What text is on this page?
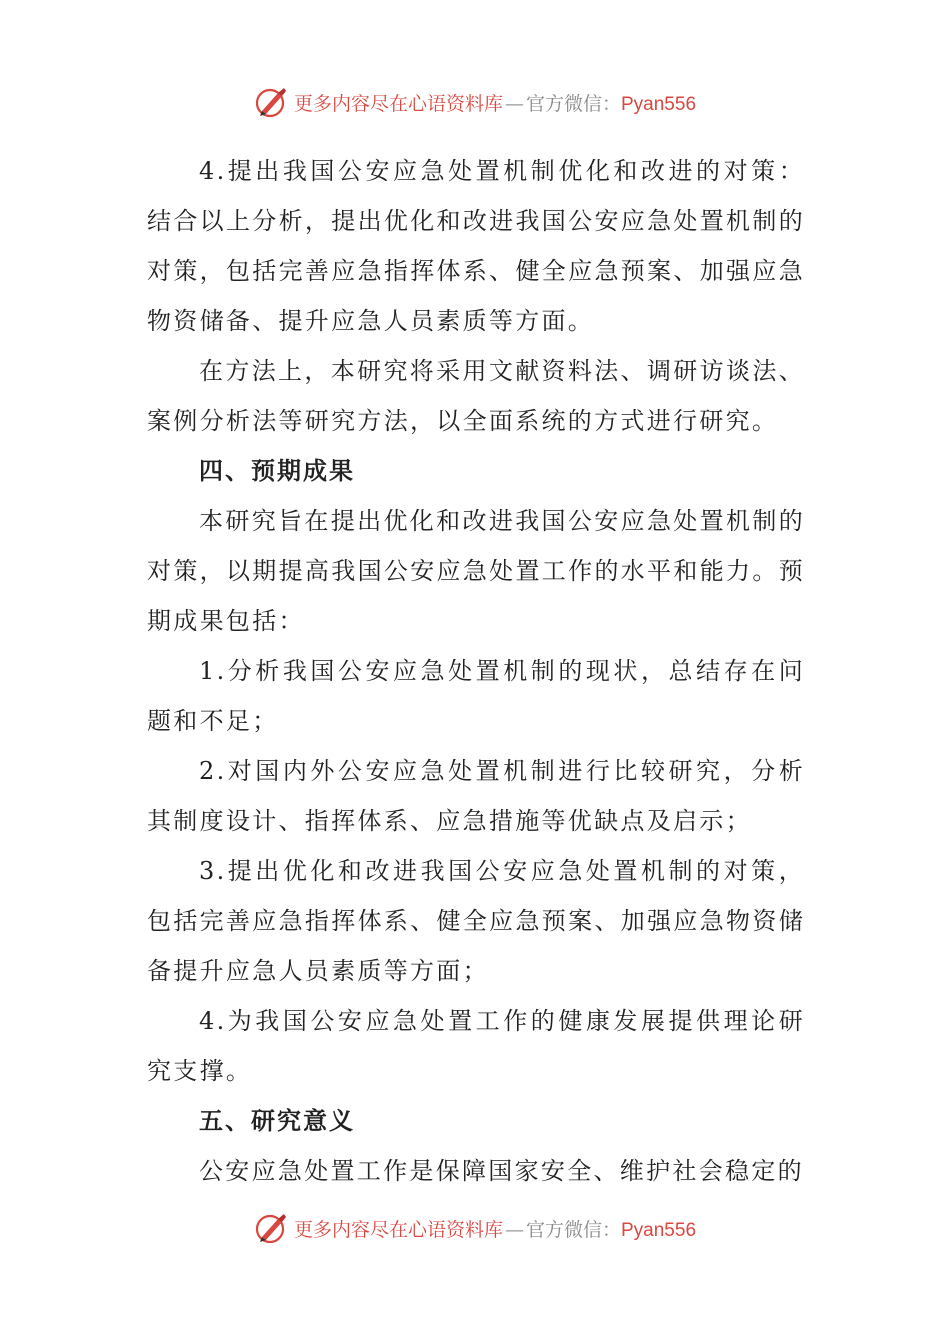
更多内容尽在心语资料库 — 官方微信：Pyan556

4.提出我国公安应急处置机制优化和改进的对策：结合以上分析，提出优化和改进我国公安应急处置机制的对策，包括完善应急指挥体系、健全应急预案、加强应急物资储备、提升应急人员素质等方面。

在方法上，本研究将采用文献资料法、调研访谈法、案例分析法等研究方法，以全面系统的方式进行研究。

四、预期成果

本研究旨在提出优化和改进我国公安应急处置机制的对策，以期提高我国公安应急处置工作的水平和能力。预期成果包括：

1.分析我国公安应急处置机制的现状，总结存在问题和不足；

2.对国内外公安应急处置机制进行比较研究，分析其制度设计、指挥体系、应急措施等优缺点及启示；

3.提出优化和改进我国公安应急处置机制的对策，包括完善应急指挥体系、健全应急预案、加强应急物资储备提升应急人员素质等方面；

4.为我国公安应急处置工作的健康发展提供理论研究支撑。

五、研究意义

公安应急处置工作是保障国家安全、维护社会稳定的

更多内容尽在心语资料库 — 官方微信：Pyan556
